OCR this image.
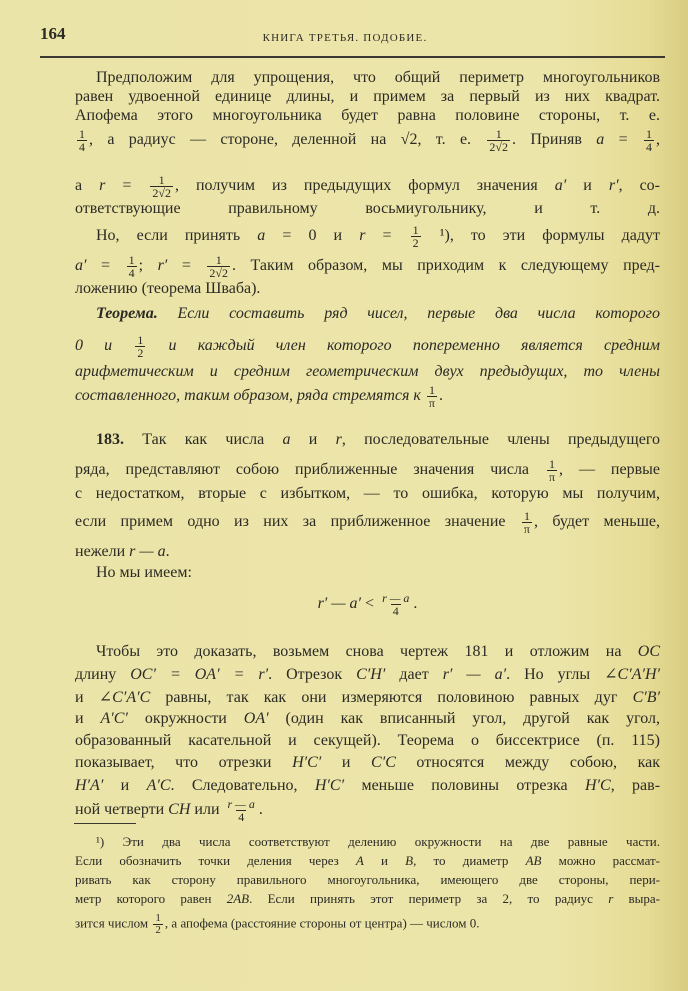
164	КНИГА ТРЕТЬЯ. ПОДОБИЕ.
Предположим для упрощения, что общий периметр многоугольников
равен удвоенной единице длины, и примем за первый из них квадрат.
Апофема этого многоугольника будет равна половине стороны, т. е.
$\frac{1}{4}$ , а радиус — стороне, деленной на √2, т. е. $\frac{1}{2√2}$ . Приняв $a = \frac{1}{4}$ ,
а $r = \frac{1}{2√2}$ , получим из предыдущих формул значения a′ и r′, со-
ответствующие правильному восьмиугольнику, и т. д.
Но, если принять a = 0 и $r = \frac{1}{2} ^1$), то эти формулы дадут
$a' = \frac{1}{4}$ ; $r' = \frac{1}{2√2}$ . Таким образом, мы приходим к следующему пред-
ложению (теорема Шваба).
Теорема. Если составить ряд чисел, первые два числа которого
0 и $\frac{1}{2}$ и каждый член которого попеременно является средним
арифметическим и средним геометрическим двух предыдущих, то члены
составленного, таким образом, ряда стремятся к $\frac{1}{\pi}$ .
183. Так как числа a и r, последовательные члены предыдущего
ряда, представляют собою приближенные значения числа $\frac{1}{\pi}$ , — первые
с недостатком, вторые с избытком, — то ошибка, которую мы получим,
если примем одно из них за приближенное значение $\frac{1}{\pi}$ , будет меньше,
нежели r — a.
Но мы имеем:
r′ — $a' < \frac{r — a}{4}$ .
Чтобы это доказать, возьмем снова чертеж 181 и отложим на OC
длину OC′ = OA′ = r′. Отрезок C′H′ дает r′ — a′. Но углы ∠C′A′H′
и ∠C′A′C равны, так как они измеряются половиною равных дуг C′B′
и A′C′ окружности OA′ (один как вписанный угол, другой как угол,
образованный касательной и секущей). Теорема о биссектрисе (п. 115)
показывает, что отрезки H′C′ и C′C относятся между собою, как
H′A′ и A′C. Следовательно, H′C′ меньше половины отрезка H′C, рав-
ной четверти CH или $\frac{r — a}{4}$ .
¹) Эти два числа соответствуют делению окружности на две равные части.
Если обозначить точки деления через A и B, то диаметр AB можно рассмат-
ривать как сторону правильного многоугольника, имеющего две стороны, пери-
метр которого равен 2AB. Если принять этот периметр за 2, то радиус r выра-
зится числом $\frac{1}{2}$ , а апофема (расстояние стороны от центра) — числом 0.
